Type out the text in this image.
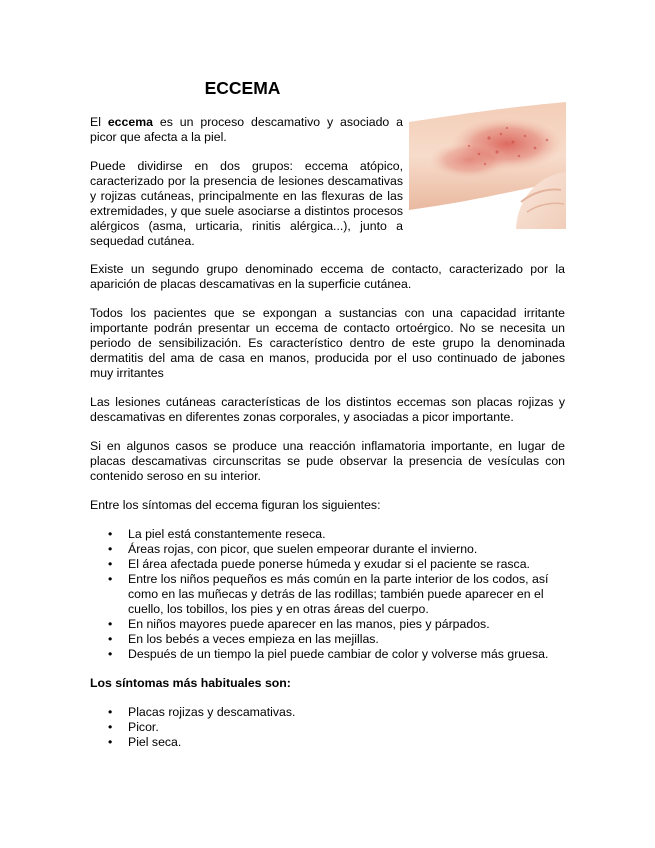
ECCEMA

El eccema es un proceso descamativo y asociado a picor que afecta a la piel.

Puede dividirse en dos grupos: eccema atópico, caracterizado por la presencia de lesiones descamativas y rojizas cutáneas, principalmente en las flexuras de las extremidades, y que suele asociarse a distintos procesos alérgicos (asma, urticaria, rinitis alérgica...), junto a sequedad cutánea.

Existe un segundo grupo denominado eccema de contacto, caracterizado por la aparición de placas descamativas en la superficie cutánea.

Todos los pacientes que se expongan a sustancias con una capacidad irritante importante podrán presentar un eccema de contacto ortoérgico. No se necesita un periodo de sensibilización. Es característico dentro de este grupo la denominada dermatitis del ama de casa en manos, producida por el uso continuado de jabones muy irritantes

Las lesiones cutáneas características de los distintos eccemas son placas rojizas y descamativas en diferentes zonas corporales, y asociadas a picor importante.

Si en algunos casos se produce una reacción inflamatoria importante, en lugar de placas descamativas circunscritas se pude observar la presencia de vesículas con contenido seroso en su interior.

Entre los síntomas del eccema figuran los siguientes:

• La piel está constantemente reseca.
• Áreas rojas, con picor, que suelen empeorar durante el invierno.
• El área afectada puede ponerse húmeda y exudar si el paciente se rasca.
• Entre los niños pequeños es más común en la parte interior de los codos, así como en las muñecas y detrás de las rodillas; también puede aparecer en el cuello, los tobillos, los pies y en otras áreas del cuerpo.
• En niños mayores puede aparecer en las manos, pies y párpados.
• En los bebés a veces empieza en las mejillas.
• Después de un tiempo la piel puede cambiar de color y volverse más gruesa.

Los síntomas más habituales son:

• Placas rojizas y descamativas.
• Picor.
• Piel seca.
